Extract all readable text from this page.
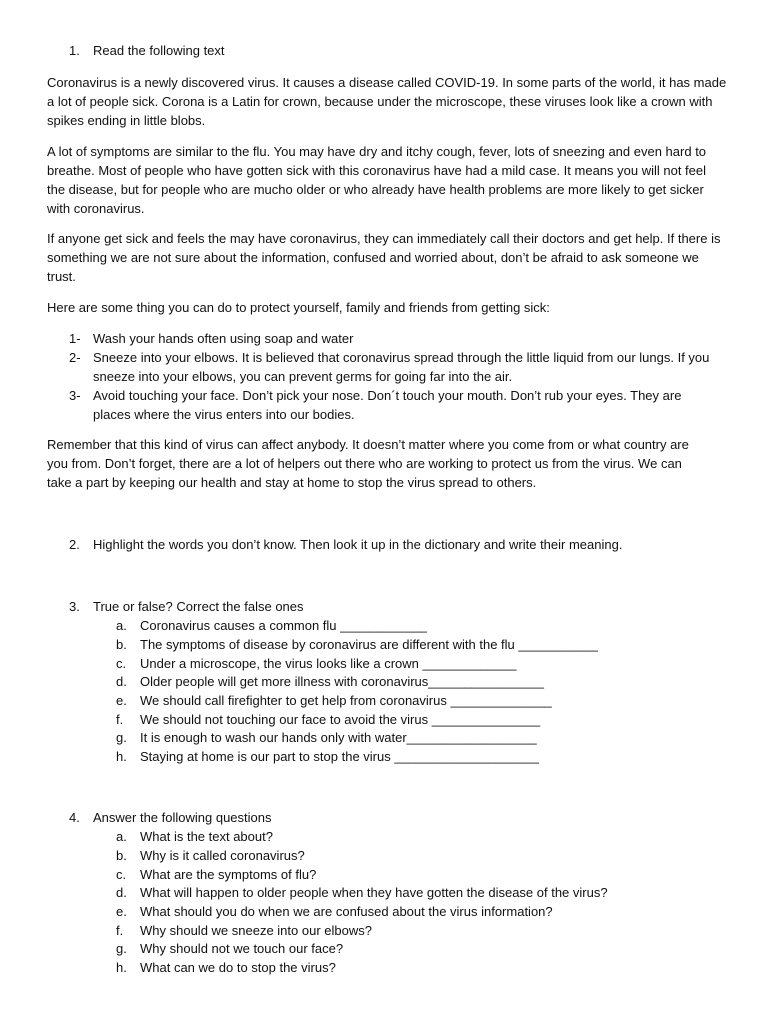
1. Read the following text
Coronavirus is a newly discovered virus. It causes a disease called COVID-19. In some parts of the world, it has made
a lot of people sick. Corona is a Latin for crown, because under the microscope, these viruses look like a crown with
spikes ending in little blobs.
A lot of symptoms are similar to the flu. You may have dry and itchy cough, fever, lots of sneezing and even hard to
breathe. Most of people who have gotten sick with this coronavirus have had a mild case. It means you will not feel
the disease, but for people who are mucho older or who already have health problems are more likely to get sicker
with coronavirus.
If anyone get sick and feels the may have coronavirus, they can immediately call their doctors and get help. If there is
something we are not sure about the information, confused and worried about, don’t be afraid to ask someone we
trust.
Here are some thing you can do to protect yourself, family and friends from getting sick:
1- Wash your hands often using soap and water
2- Sneeze into your elbows. It is believed that coronavirus spread through the little liquid from our lungs. If you
sneeze into your elbows, you can prevent germs for going far into the air.
3- Avoid touching your face. Don’t pick your nose. Don´t touch your mouth. Don’t rub your eyes. They are
places where the virus enters into our bodies.
Remember that this kind of virus can affect anybody. It doesn’t matter where you come from or what country are
you from. Don’t forget, there are a lot of helpers out there who are working to protect us from the virus. We can
take a part by keeping our health and stay at home to stop the virus spread to others.
2. Highlight the words you don’t know. Then look it up in the dictionary and write their meaning.
3. True or false? Correct the false ones
a. Coronavirus causes a common flu ____________
b. The symptoms of disease by coronavirus are different with the flu ___________
c. Under a microscope, the virus looks like a crown _____________
d. Older people will get more illness with coronavirus________________
e. We should call firefighter to get help from coronavirus ______________
f. We should not touching our face to avoid the virus _______________
g. It is enough to wash our hands only with water__________________
h. Staying at home is our part to stop the virus ____________________
4. Answer the following questions
a. What is the text about?
b. Why is it called coronavirus?
c. What are the symptoms of flu?
d. What will happen to older people when they have gotten the disease of the virus?
e. What should you do when we are confused about the virus information?
f. Why should we sneeze into our elbows?
g. Why should not we touch our face?
h. What can we do to stop the virus?
